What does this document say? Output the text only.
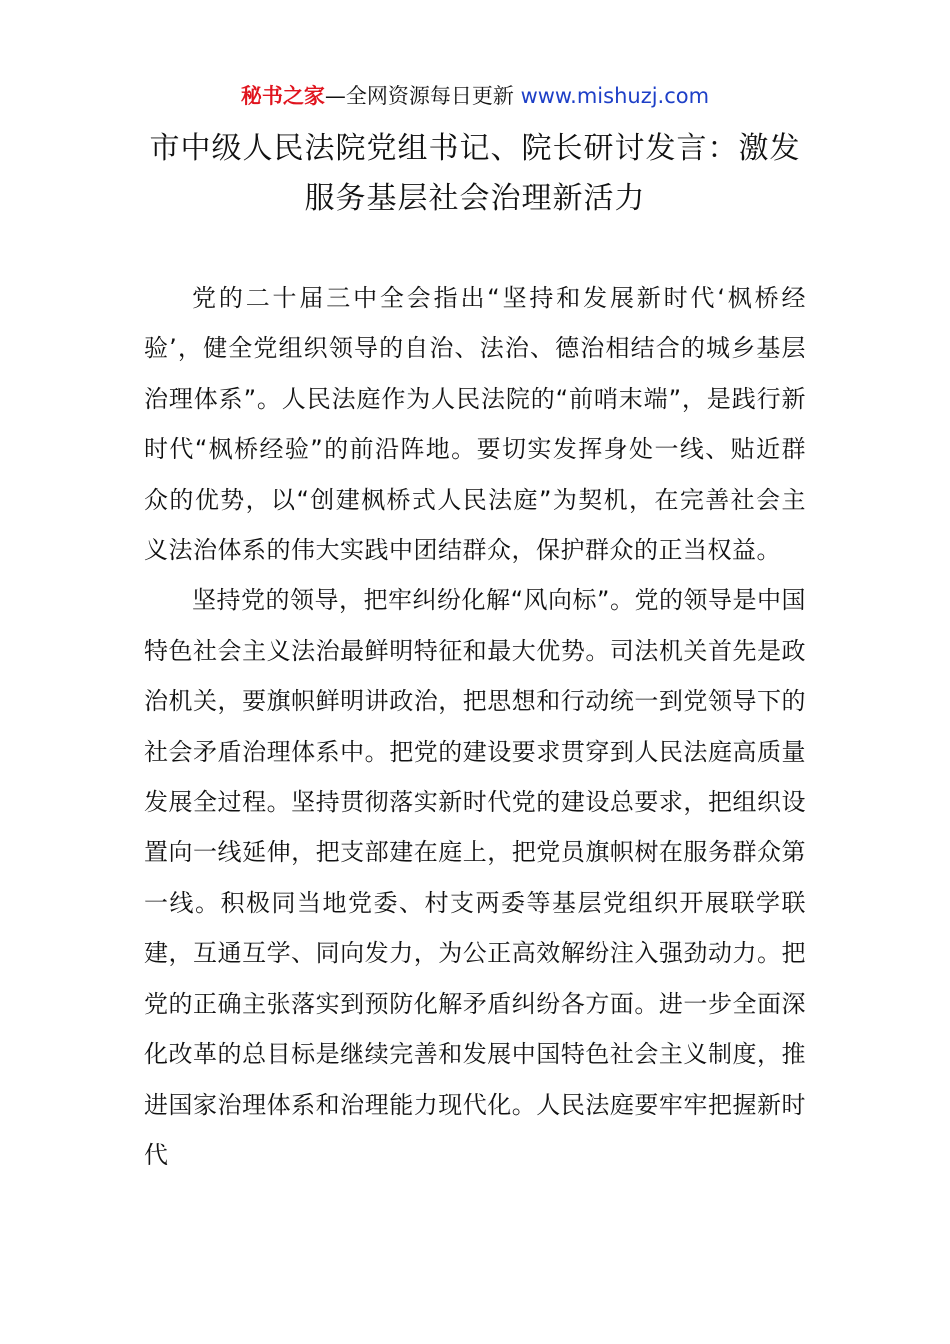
秘书之家—全网资源每日更新 www.mishuzj.com
市中级人民法院党组书记、院长研讨发言：激发服务基层社会治理新活力

党的二十届三中全会指出“坚持和发展新时代‘枫桥经验’，健全党组织领导的自治、法治、德治相结合的城乡基层治理体系”。人民法庭作为人民法院的“前哨末端”，是践行新时代“枫桥经验”的前沿阵地。要切实发挥身处一线、贴近群众的优势，以“创建枫桥式人民法庭”为契机，在完善社会主义法治体系的伟大实践中团结群众，保护群众的正当权益。

坚持党的领导，把牢纠纷化解“风向标”。党的领导是中国特色社会主义法治最鲜明特征和最大优势。司法机关首先是政治机关，要旗帜鲜明讲政治，把思想和行动统一到党领导下的社会矛盾治理体系中。把党的建设要求贯穿到人民法庭高质量发展全过程。坚持贯彻落实新时代党的建设总要求，把组织设置向一线延伸，把支部建在庭上，把党员旗帜树在服务群众第一线。积极同当地党委、村支两委等基层党组织开展联学联建，互通互学、同向发力，为公正高效解纷注入强劲动力。把党的正确主张落实到预防化解矛盾纠纷各方面。进一步全面深化改革的总目标是继续完善和发展中国特色社会主义制度，推进国家治理体系和治理能力现代化。人民法庭要牢牢把握新时代
